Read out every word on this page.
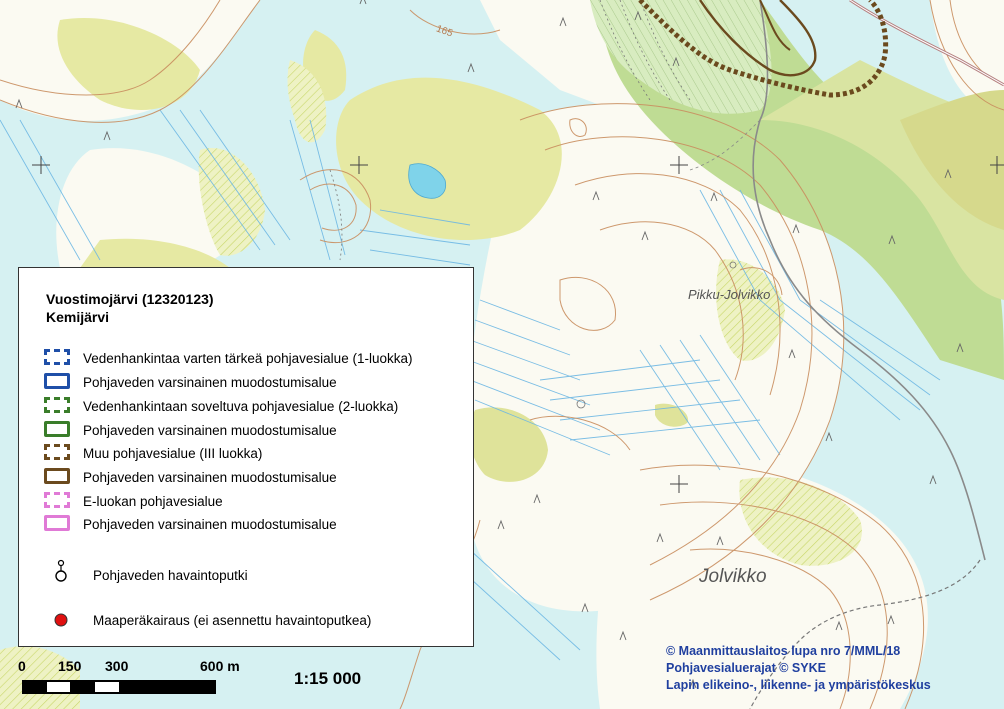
Pikku-Jolvikko
Jolvikko
165
Vuostimojärvi (12320123)
Kemijärvi
Vedenhankintaa varten tärkeä pohjavesialue (1-luokka)
Pohjaveden varsinainen muodostumisalue
Vedenhankintaan soveltuva pohjavesialue (2-luokka)
Pohjaveden varsinainen muodostumisalue
Muu pohjavesialue (III luokka)
Pohjaveden varsinainen muodostumisalue
E-luokan pohjavesialue
Pohjaveden varsinainen muodostumisalue
Pohjaveden havaintoputki
Maaperäkairaus (ei asennettu havaintoputkea)
0 150 300	600 m
1:15 000
© Maanmittauslaitos lupa nro 7/MML/18
Pohjavesialuerajat © SYKE
Lapin elikeino-, liikenne- ja ympäristökeskus
